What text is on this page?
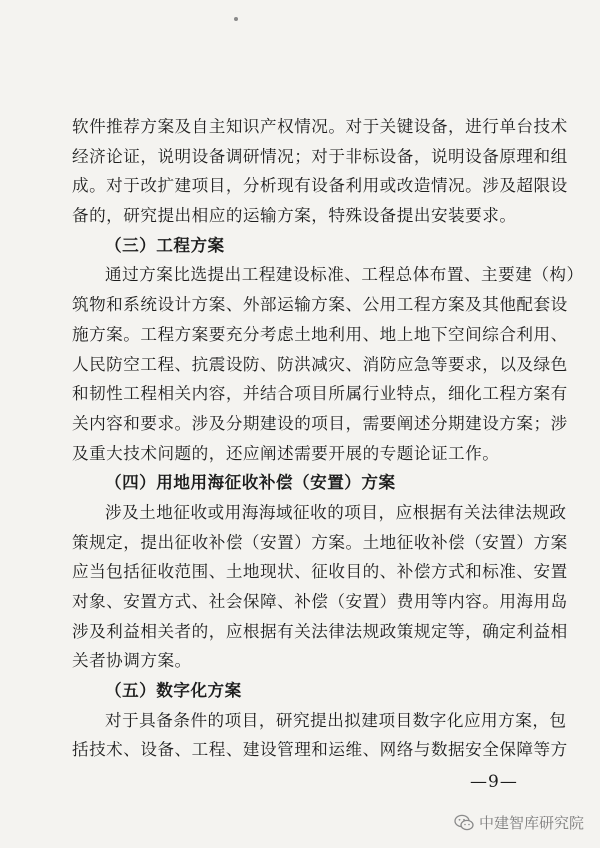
软件推荐方案及自主知识产权情况。对于关键设备，进行单台技术
经济论证，说明设备调研情况；对于非标设备，说明设备原理和组
成。对于改扩建项目，分析现有设备利用或改造情况。涉及超限设
备的，研究提出相应的运输方案，特殊设备提出安装要求。
（三）工程方案
通过方案比选提出工程建设标准、工程总体布置、主要建（构）
筑物和系统设计方案、外部运输方案、公用工程方案及其他配套设
施方案。工程方案要充分考虑土地利用、地上地下空间综合利用、
人民防空工程、抗震设防、防洪减灾、消防应急等要求，以及绿色
和韧性工程相关内容，并结合项目所属行业特点，细化工程方案有
关内容和要求。涉及分期建设的项目，需要阐述分期建设方案；涉
及重大技术问题的，还应阐述需要开展的专题论证工作。
（四）用地用海征收补偿（安置）方案
涉及土地征收或用海海域征收的项目，应根据有关法律法规政
策规定，提出征收补偿（安置）方案。土地征收补偿（安置）方案
应当包括征收范围、土地现状、征收目的、补偿方式和标准、安置
对象、安置方式、社会保障、补偿（安置）费用等内容。用海用岛
涉及利益相关者的，应根据有关法律法规政策规定等，确定利益相
关者协调方案。
（五）数字化方案
对于具备条件的项目，研究提出拟建项目数字化应用方案，包
括技术、设备、工程、建设管理和运维、网络与数据安全保障等方
—9—
中建智库研究院
